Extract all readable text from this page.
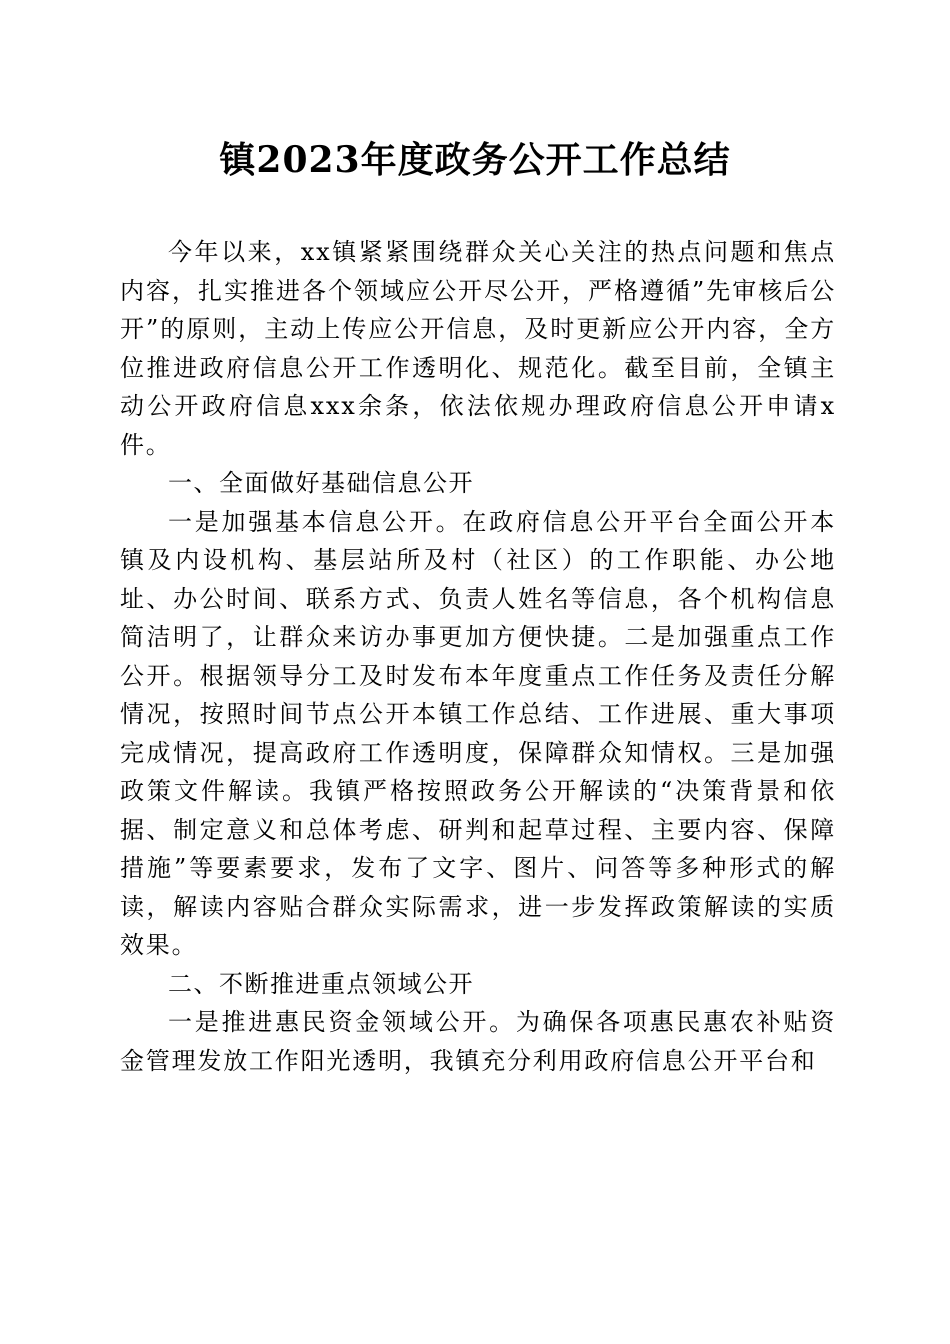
镇2023年度政务公开工作总结

今年以来，xx镇紧紧围绕群众关心关注的热点问题和焦点内容，扎实推进各个领域应公开尽公开，严格遵循”先审核后公开”的原则，主动上传应公开信息，及时更新应公开内容，全方位推进政府信息公开工作透明化、规范化。截至目前，全镇主动公开政府信息xxx余条，依法依规办理政府信息公开申请x件。

一、全面做好基础信息公开

一是加强基本信息公开。在政府信息公开平台全面公开本镇及内设机构、基层站所及村（社区）的工作职能、办公地址、办公时间、联系方式、负责人姓名等信息，各个机构信息简洁明了，让群众来访办事更加方便快捷。二是加强重点工作公开。根据领导分工及时发布本年度重点工作任务及责任分解情况，按照时间节点公开本镇工作总结、工作进展、重大事项完成情况，提高政府工作透明度，保障群众知情权。三是加强政策文件解读。我镇严格按照政务公开解读的“决策背景和依据、制定意义和总体考虑、研判和起草过程、主要内容、保障措施”等要素要求，发布了文字、图片、问答等多种形式的解读，解读内容贴合群众实际需求，进一步发挥政策解读的实质效果。

二、不断推进重点领域公开

一是推进惠民资金领域公开。为确保各项惠民惠农补贴资金管理发放工作阳光透明，我镇充分利用政府信息公开平台和
